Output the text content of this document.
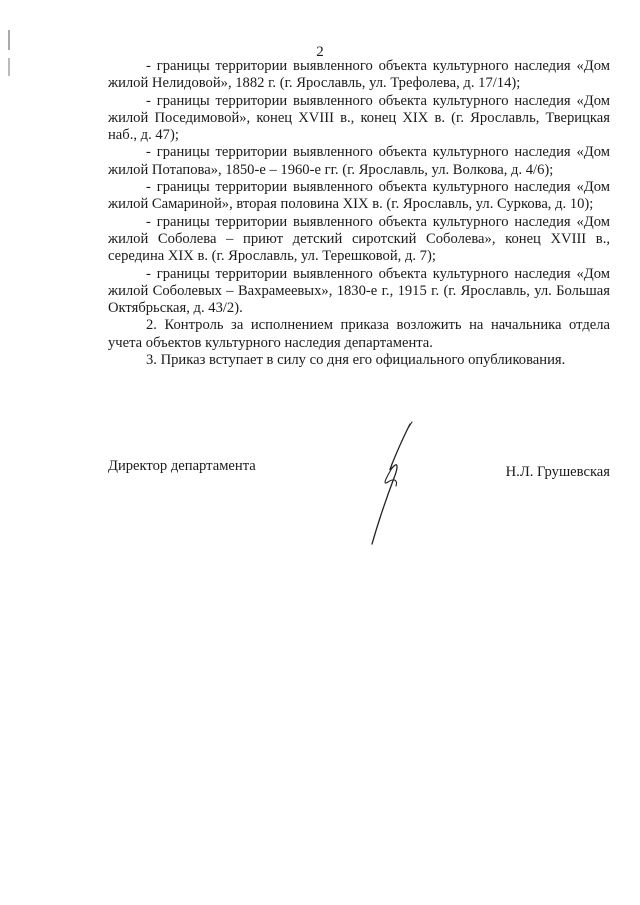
2

- границы территории выявленного объекта культурного наследия «Дом жилой Нелидовой», 1882 г. (г. Ярославль, ул. Трефолева, д. 17/14);

- границы территории выявленного объекта культурного наследия «Дом жилой Поседимовой», конец XVIII в., конец XIX в. (г. Ярославль, Тверицкая наб., д. 47);

- границы территории выявленного объекта культурного наследия «Дом жилой Потапова», 1850-е – 1960-е гг. (г. Ярославль, ул. Волкова, д. 4/6);

- границы территории выявленного объекта культурного наследия «Дом жилой Самариной», вторая половина XIX в. (г. Ярославль, ул. Суркова, д. 10);

- границы территории выявленного объекта культурного наследия «Дом жилой Соболева – приют детский сиротский Соболева», конец XVIII в., середина XIX в. (г. Ярославль, ул. Терешковой, д. 7);

- границы территории выявленного объекта культурного наследия «Дом жилой Соболевых – Вахрамеевых», 1830-е г., 1915 г. (г. Ярославль, ул. Большая Октябрьская, д. 43/2).

2. Контроль за исполнением приказа возложить на начальника отдела учета объектов культурного наследия департамента.

3. Приказ вступает в силу со дня его официального опубликования.

Директор департамента	Н.Л. Грушевская
